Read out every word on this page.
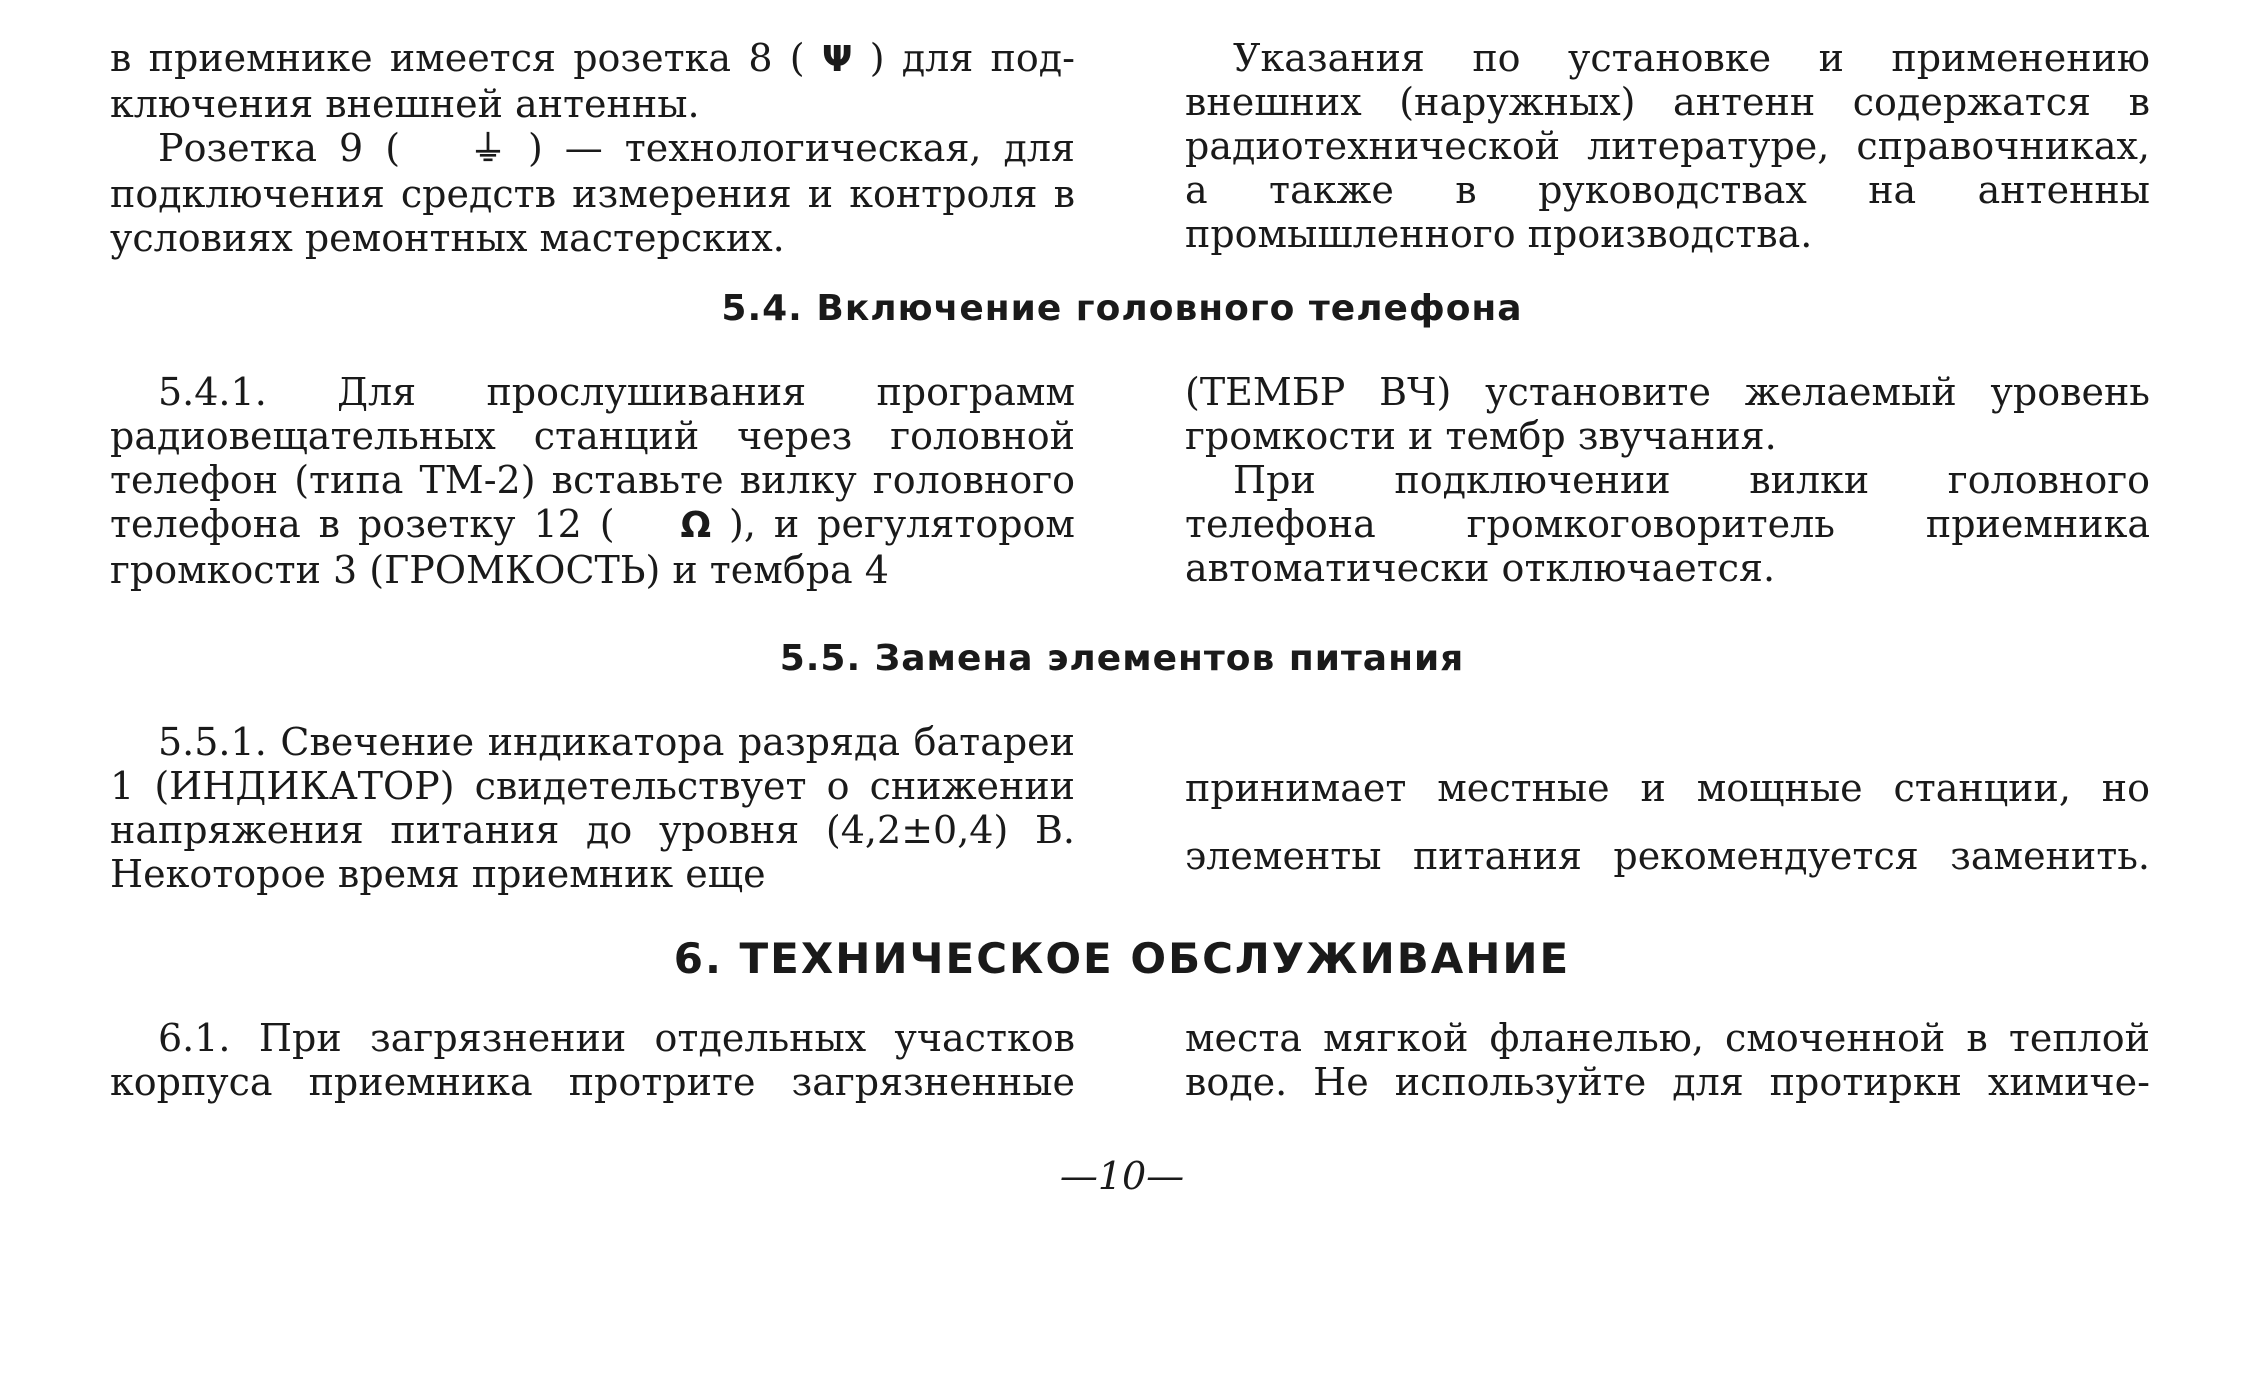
в приемнике имеется розетка 8 ( Ψ ) для под-

ключения внешней антенны.

Розетка 9 ( ⏚ ) — технологическая, для подключения средств измерения и контроля в условиях ремонтных мастерских.

Указания по установке и применению внешних (наружных) антенн содержатся в радиотехнической литературе, справочниках, а также в руководствах на антенны промышленного производства.

5.4. Включение головного телефона

5.4.1. Для прослушивания программ радиовещательных станций через головной телефон (типа ТМ-2) вставьте вилку головного телефона в розетку 12 ( Ω ), и регулятором громкости 3 (ГРОМКОСТЬ) и тембра 4

(ТЕМБР ВЧ) установите желаемый уровень громкости и тембр звучания.

При подключении вилки головного телефона громкоговоритель приемника автоматически отключается.

5.5. Замена элементов питания

5.5.1. Свечение индикатора разряда батареи 1 (ИНДИКАТОР) свидетельствует о снижении напряжения питания до уровня (4,2±0,4) В. Некоторое время приемник еще

принимает местные и мощные станции, но

элементы питания рекомендуется заменить.

6. ТЕХНИЧЕСКОЕ ОБСЛУЖИВАНИЕ

6.1. При загрязнении отдельных участков корпуса приемника протрите загрязненные

места мягкой фланелью, смоченной в теплой воде. Не используйте для протиркн химиче-

—10—
